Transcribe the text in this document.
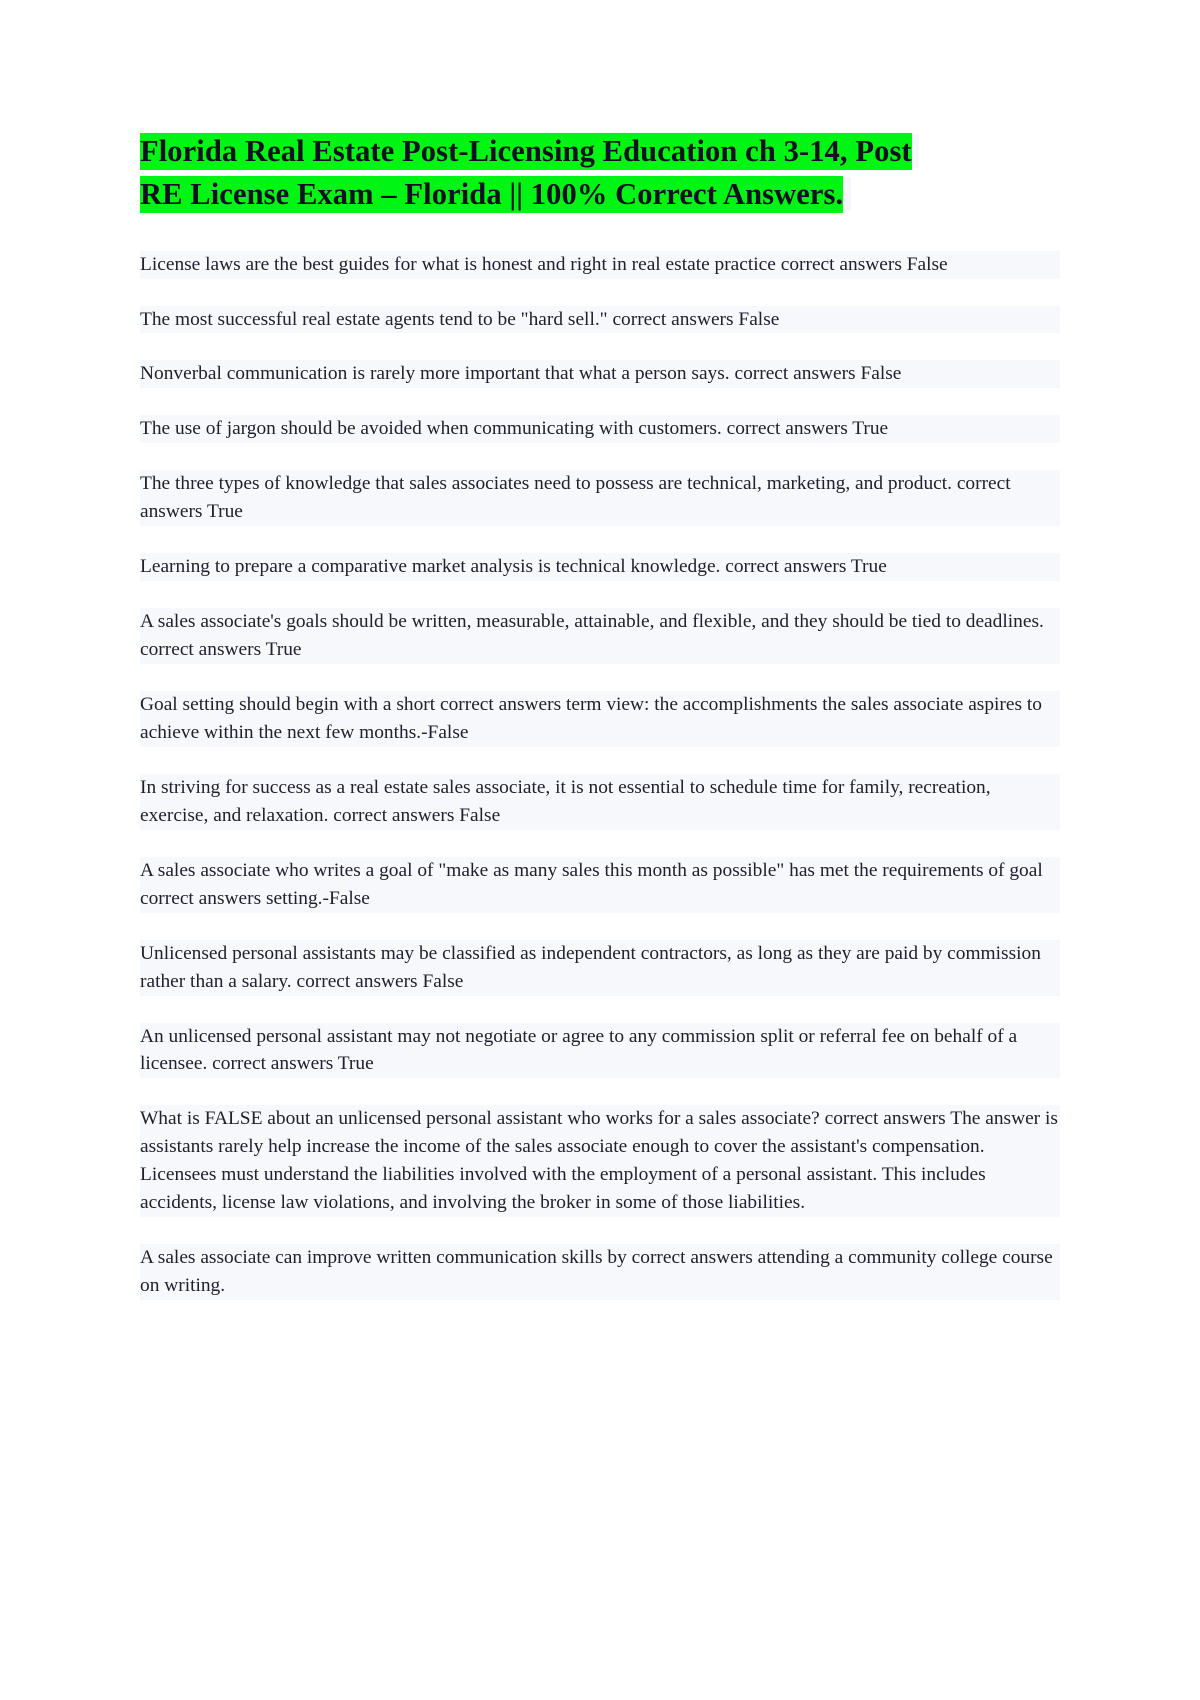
Florida Real Estate Post-Licensing Education ch 3-14, Post
RE License Exam – Florida || 100% Correct Answers.

License laws are the best guides for what is honest and right in real estate practice correct answers False

The most successful real estate agents tend to be "hard sell." correct answers False

Nonverbal communication is rarely more important that what a person says. correct answers False

The use of jargon should be avoided when communicating with customers. correct answers True

The three types of knowledge that sales associates need to possess are technical, marketing, and product. correct answers True

Learning to prepare a comparative market analysis is technical knowledge. correct answers True

A sales associate's goals should be written, measurable, attainable, and flexible, and they should be tied to deadlines. correct answers True

Goal setting should begin with a short correct answers term view: the accomplishments the sales associate aspires to achieve within the next few months.-False

In striving for success as a real estate sales associate, it is not essential to schedule time for family, recreation, exercise, and relaxation. correct answers False

A sales associate who writes a goal of "make as many sales this month as possible" has met the requirements of goal correct answers setting.-False

Unlicensed personal assistants may be classified as independent contractors, as long as they are paid by commission rather than a salary. correct answers False

An unlicensed personal assistant may not negotiate or agree to any commission split or referral fee on behalf of a licensee. correct answers True

What is FALSE about an unlicensed personal assistant who works for a sales associate? correct answers The answer is assistants rarely help increase the income of the sales associate enough to cover the assistant's compensation. Licensees must understand the liabilities involved with the employment of a personal assistant. This includes accidents, license law violations, and involving the broker in some of those liabilities.

A sales associate can improve written communication skills by correct answers attending a community college course on writing.
